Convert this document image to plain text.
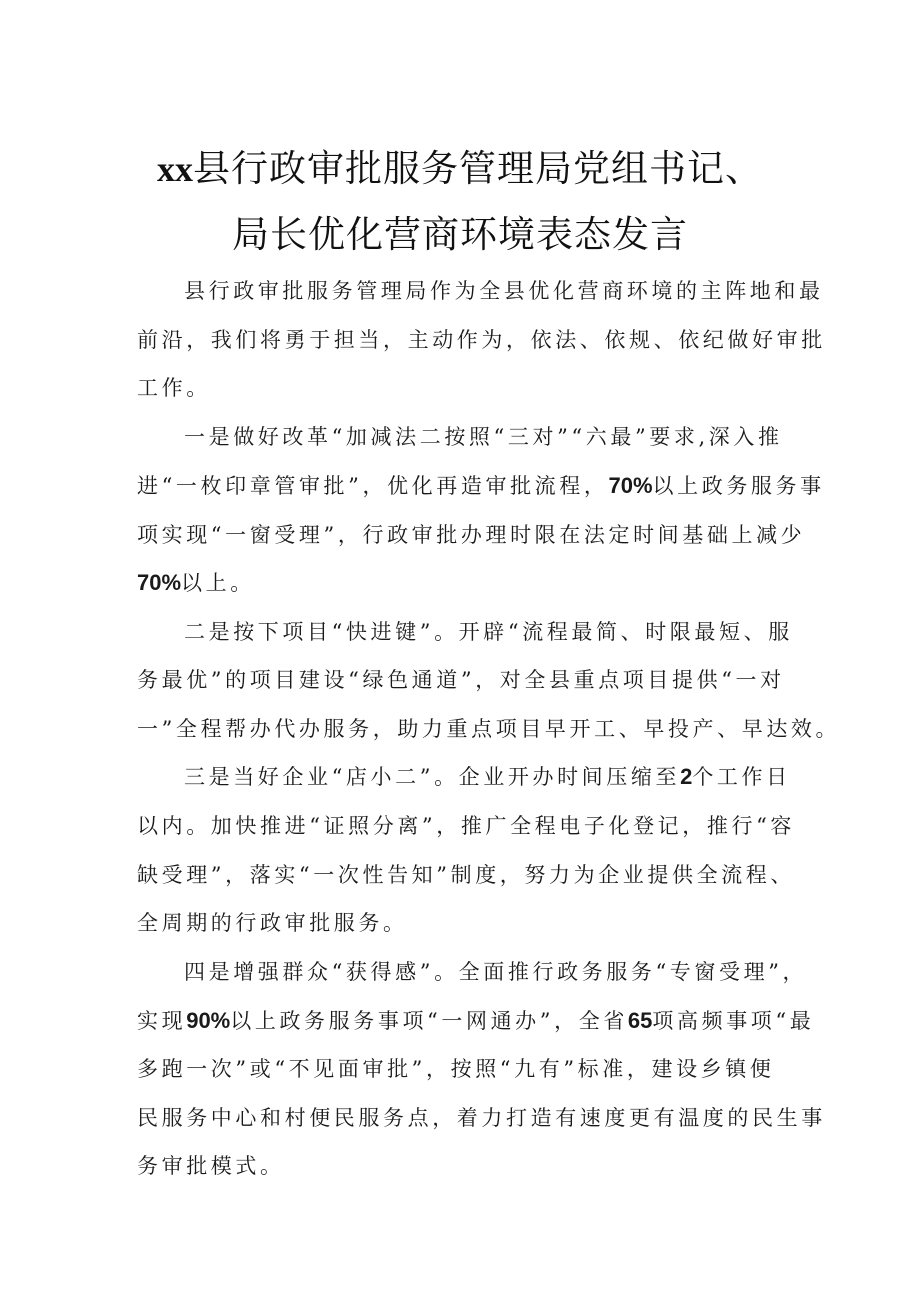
xx县行政审批服务管理局党组书记、
局长优化营商环境表态发言
县行政审批服务管理局作为全县优化营商环境的主阵地和最
前沿，我们将勇于担当，主动作为，依法、依规、依纪做好审批
工作。
一是做好改革“加减法二按照“三对”“六最”要求,深入推
进“一枚印章管审批”，优化再造审批流程，70%以上政务服务事
项实现“一窗受理”，行政审批办理时限在法定时间基础上减少
70%以上。
二是按下项目“快进键”。开辟“流程最简、时限最短、服
务最优”的项目建设“绿色通道”，对全县重点项目提供“一对
一”全程帮办代办服务，助力重点项目早开工、早投产、早达效。
三是当好企业“店小二”。企业开办时间压缩至2个工作日
以内。加快推进“证照分离”，推广全程电子化登记，推行“容
缺受理”，落实“一次性告知”制度，努力为企业提供全流程、
全周期的行政审批服务。
四是增强群众“获得感”。全面推行政务服务“专窗受理”，
实现90%以上政务服务事项“一网通办”，全省65项高频事项“最
多跑一次”或“不见面审批”，按照“九有”标准，建设乡镇便
民服务中心和村便民服务点，着力打造有速度更有温度的民生事
务审批模式。
